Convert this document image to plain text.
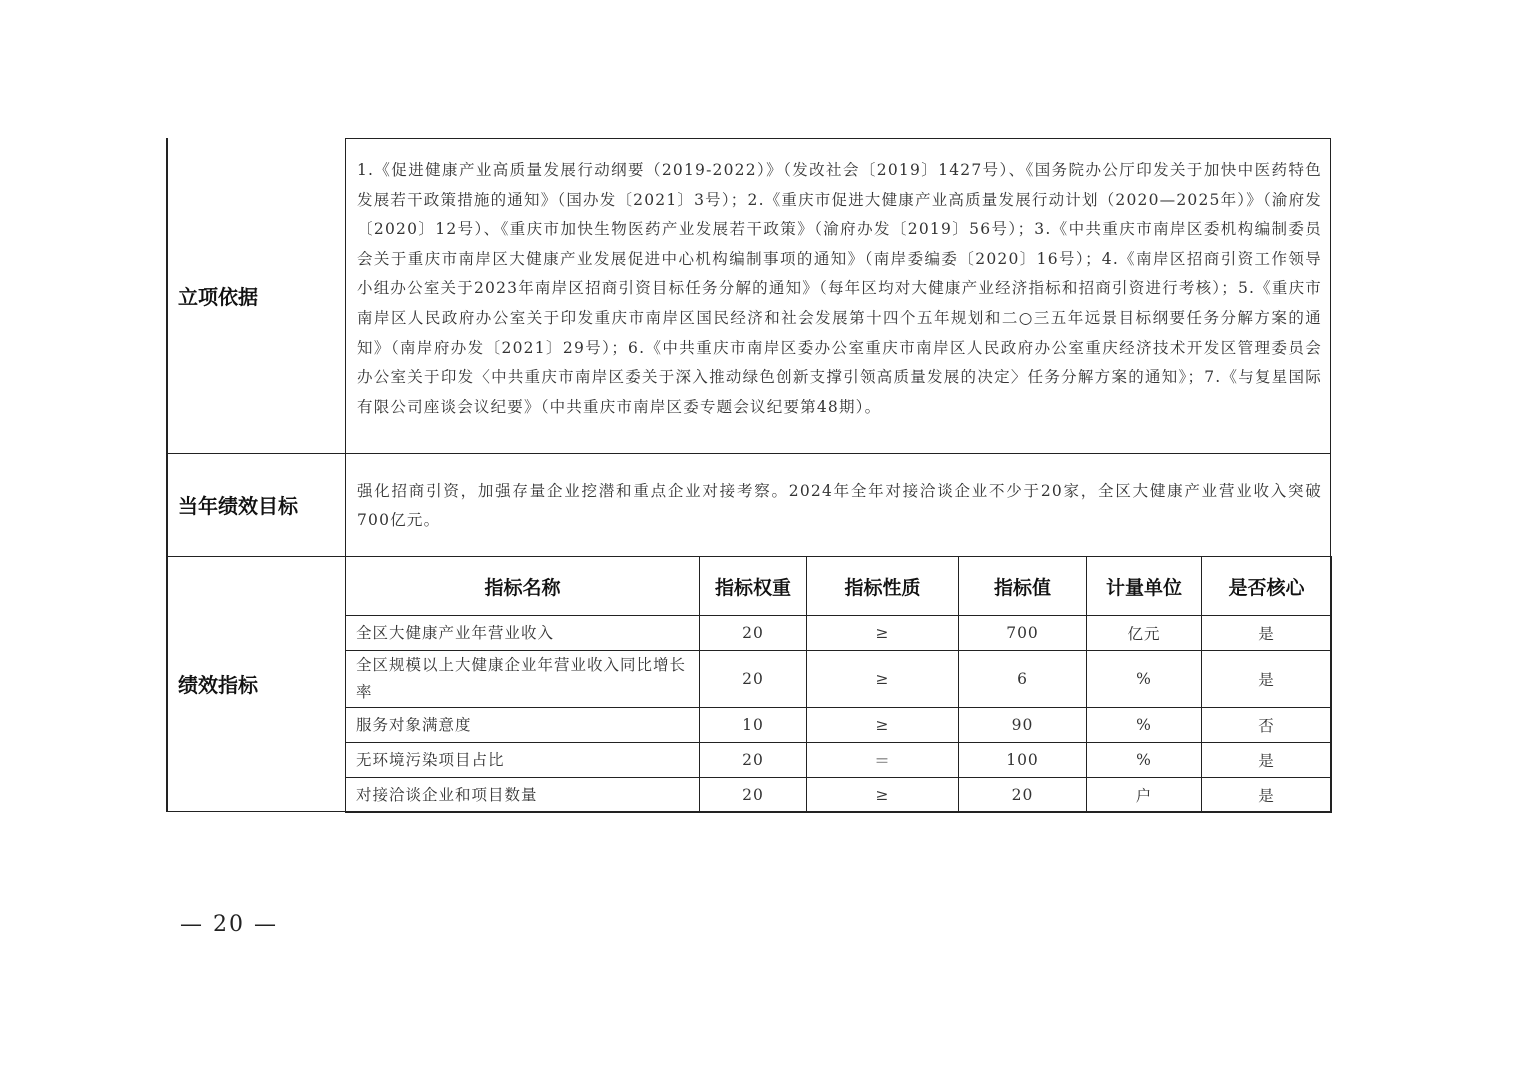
立项依据
1.《促进健康产业高质量发展行动纲要（2019-2022）》（发改社会〔2019〕1427号）、《国务院办公厅印发关于加快中医药特色发展若干政策措施的通知》（国办发〔2021〕3号）；2.《重庆市促进大健康产业高质量发展行动计划（2020—2025年）》（渝府发〔2020〕12号）、《重庆市加快生物医药产业发展若干政策》（渝府办发〔2019〕56号）；3.《中共重庆市南岸区委机构编制委员会关于重庆市南岸区大健康产业发展促进中心机构编制事项的通知》（南岸委编委〔2020〕16号）；4.《南岸区招商引资工作领导小组办公室关于2023年南岸区招商引资目标任务分解的通知》（每年区均对大健康产业经济指标和招商引资进行考核）；5.《重庆市南岸区人民政府办公室关于印发重庆市南岸区国民经济和社会发展第十四个五年规划和二○三五年远景目标纲要任务分解方案的通知》（南岸府办发〔2021〕29号）；6.《中共重庆市南岸区委办公室重庆市南岸区人民政府办公室重庆经济技术开发区管理委员会办公室关于印发〈中共重庆市南岸区委关于深入推动绿色创新支撑引领高质量发展的决定〉任务分解方案的通知》；7.《与复星国际有限公司座谈会议纪要》（中共重庆市南岸区委专题会议纪要第48期）。
当年绩效目标
强化招商引资，加强存量企业挖潜和重点企业对接考察。2024年全年对接洽谈企业不少于20家，全区大健康产业营业收入突破700亿元。
绩效指标
指标名称	指标权重	指标性质	指标值	计量单位	是否核心
全区大健康产业年营业收入	20	≥	700	亿元	是
全区规模以上大健康企业年营业收入同比增长率	20	≥	6	%	是
服务对象满意度	10	≥	90	%	否
无环境污染项目占比	20	＝	100	%	是
对接洽谈企业和项目数量	20	≥	20	户	是
— 20 —
